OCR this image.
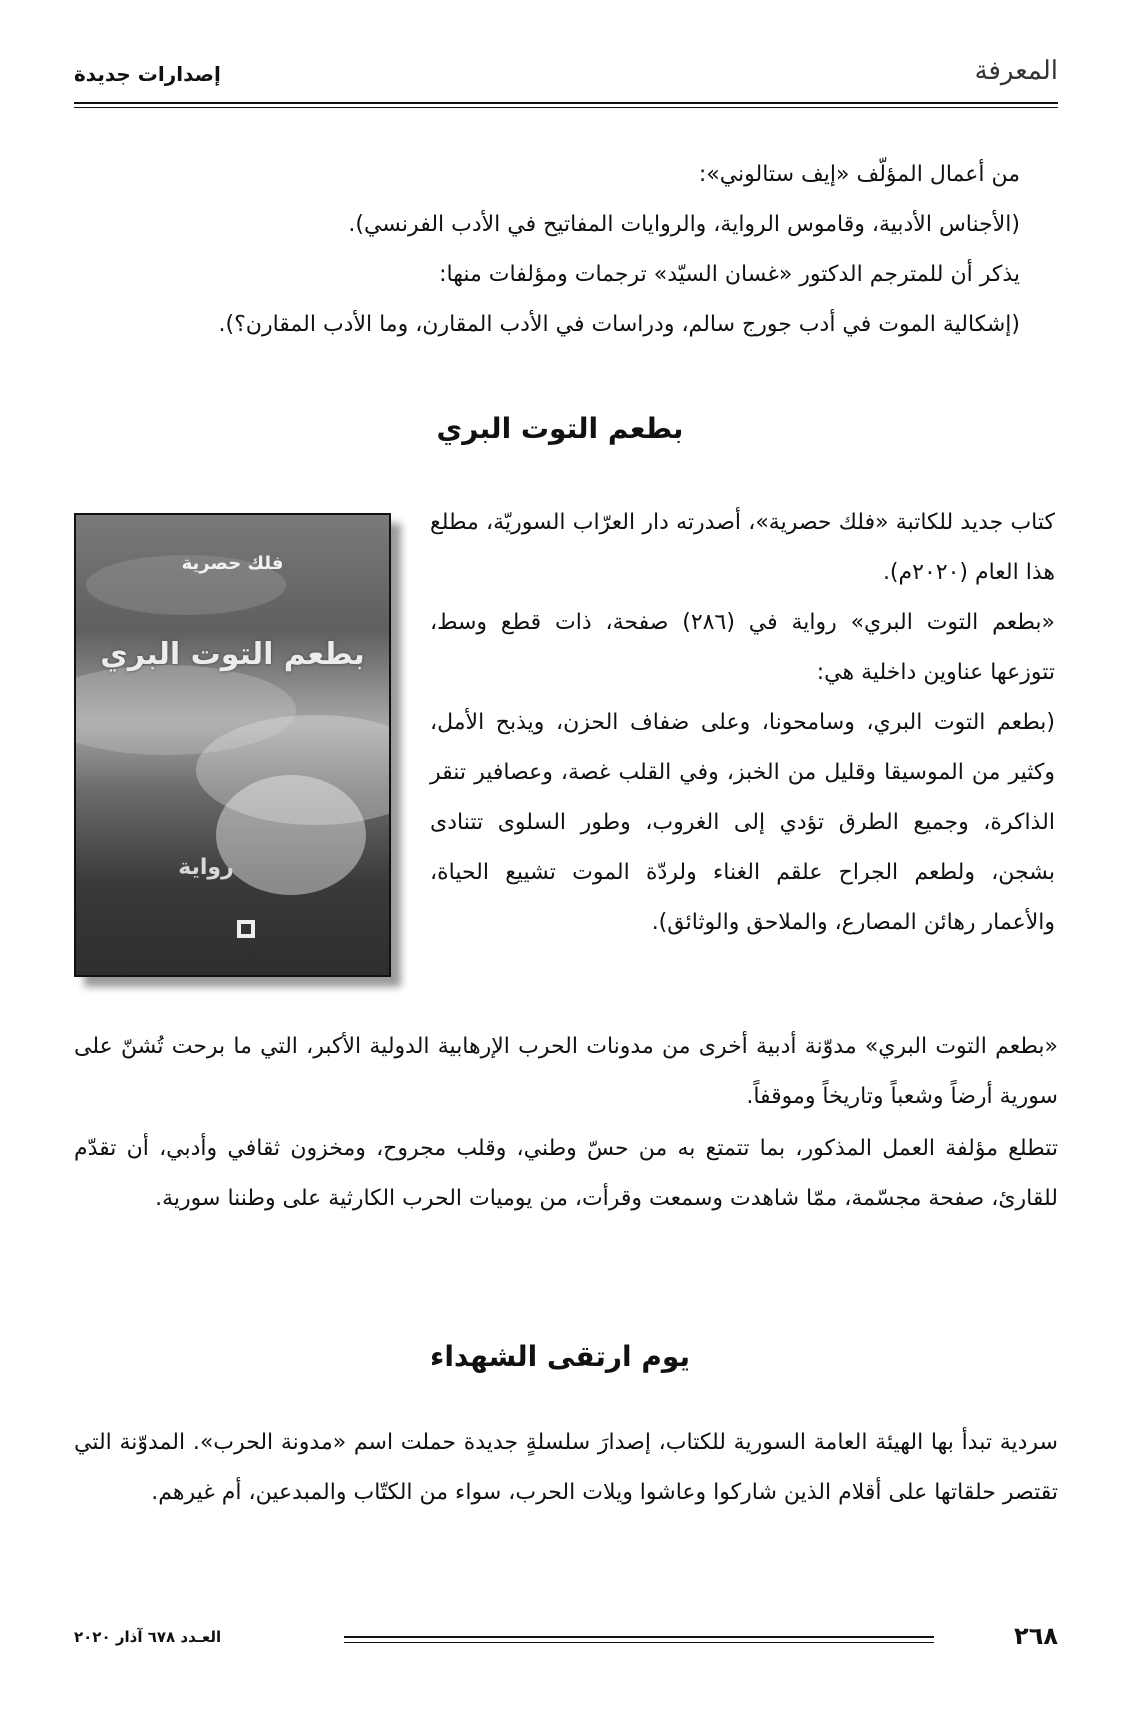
إصدارات جديدة	المعرفة
من أعمال المؤلّف «إيف ستالوني»:
(الأجناس الأدبية، وقاموس الرواية، والروايات المفاتيح في الأدب الفرنسي).
يذكر أن للمترجم الدكتور «غسان السيّد» ترجمات ومؤلفات منها:
(إشكالية الموت في أدب جورج سالم، ودراسات في الأدب المقارن، وما الأدب المقارن؟).
بطعم التوت البري
فلك حصرية
بطعم التوت البري
رواية
كتاب جديد للكاتبة «فلك حصرية»، أصدرته دار العرّاب السوريّة، مطلع هذا العام (٢٠٢٠م).
«بطعم التوت البري» رواية في (٢٨٦) صفحة، ذات قطع وسط، تتوزعها عناوين داخلية هي:
(بطعم التوت البري، وسامحونا، وعلى ضفاف الحزن، ويذبح الأمل، وكثير من الموسيقا وقليل من الخبز، وفي القلب غصة، وعصافير تنقر الذاكرة، وجميع الطرق تؤدي إلى الغروب، وطور السلوى تتنادى بشجن، ولطعم الجراح علقم الغناء ولردّة الموت تشييع الحياة، والأعمار رهائن المصارع، والملاحق والوثائق).
«بطعم التوت البري» مدوّنة أدبية أخرى من مدونات الحرب الإرهابية الدولية الأكبر، التي ما برحت تُشنّ على سورية أرضاً وشعباً وتاريخاً وموقفاً.
تتطلع مؤلفة العمل المذكور، بما تتمتع به من حسّ وطني، وقلب مجروح، ومخزون ثقافي وأدبي، أن تقدّم للقارئ، صفحة مجسّمة، ممّا شاهدت وسمعت وقرأت، من يوميات الحرب الكارثية على وطننا سورية.
يوم ارتقى الشهداء
سردية تبدأ بها الهيئة العامة السورية للكتاب، إصدارَ سلسلةٍ جديدة حملت اسم «مدونة الحرب». المدوّنة التي تقتصر حلقاتها على أقلام الذين شاركوا وعاشوا ويلات الحرب، سواء من الكتّاب والمبدعين، أم غيرهم.
٢٦٨
العـدد ٦٧٨ آذار ٢٠٢٠
